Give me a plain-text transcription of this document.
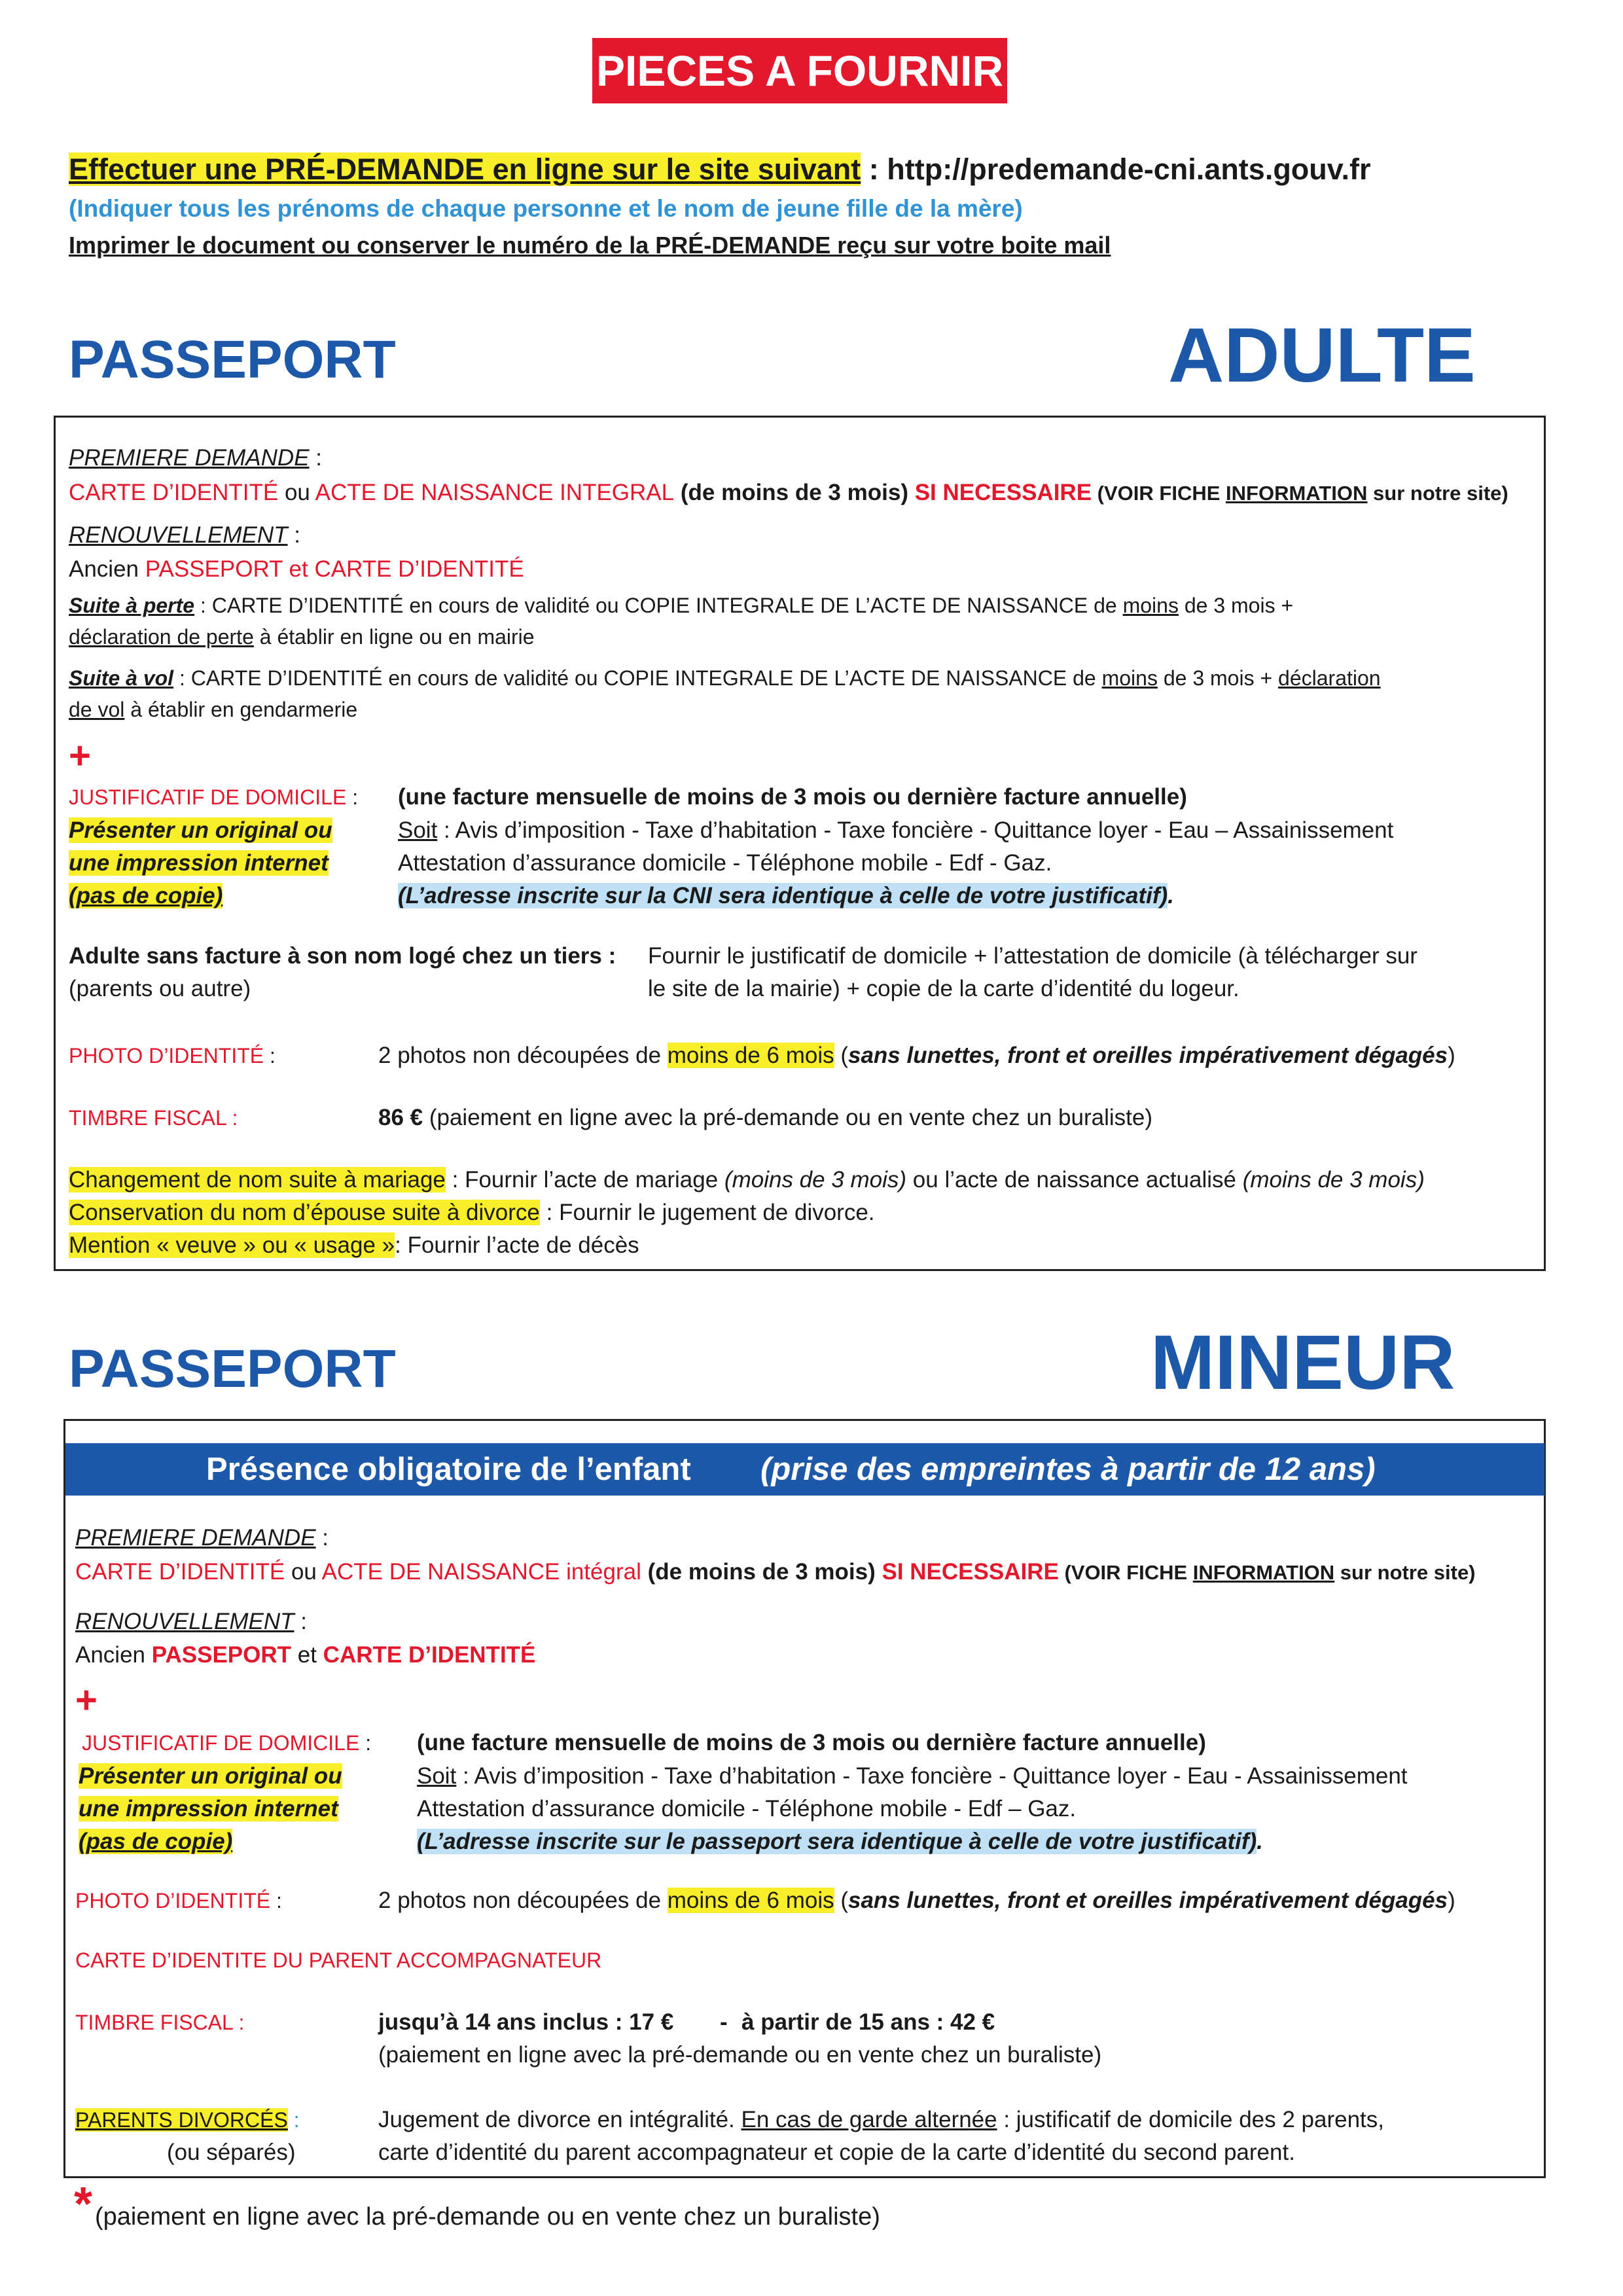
PIECES A FOURNIR
Effectuer une PRÉ-DEMANDE en ligne sur le site suivant : http://predemande-cni.ants.gouv.fr
(Indiquer tous les prénoms de chaque personne et le nom de jeune fille de la mère)
Imprimer le document ou conserver le numéro de la PRÉ-DEMANDE reçu sur votre boite mail
PASSEPORT	ADULTE
PREMIERE DEMANDE :
CARTE D’IDENTITÉ ou ACTE DE NAISSANCE INTEGRAL (de moins de 3 mois) SI NECESSAIRE (VOIR FICHE INFORMATION sur notre site)
RENOUVELLEMENT :
Ancien PASSEPORT et CARTE D’IDENTITÉ
Suite à perte : CARTE D’IDENTITÉ en cours de validité ou COPIE INTEGRALE DE L’ACTE DE NAISSANCE de moins de 3 mois +
déclaration de perte à établir en ligne ou en mairie
Suite à vol : CARTE D’IDENTITÉ en cours de validité ou COPIE INTEGRALE DE L’ACTE DE NAISSANCE de moins de 3 mois + déclaration
de vol à établir en gendarmerie
+
JUSTIFICATIF DE DOMICILE : (une facture mensuelle de moins de 3 mois ou dernière facture annuelle)
Présenter un original ou
une impression internet
(pas de copie)
Soit : Avis d’imposition - Taxe d’habitation - Taxe foncière - Quittance loyer - Eau – Assainissement
Attestation d’assurance domicile - Téléphone mobile - Edf - Gaz.
(L’adresse inscrite sur la CNI sera identique à celle de votre justificatif).
Adulte sans facture à son nom logé chez un tiers :
(parents ou autre)
Fournir le justificatif de domicile + l’attestation de domicile (à télécharger sur
le site de la mairie) + copie de la carte d’identité du logeur.
PHOTO D’IDENTITÉ :	2 photos non découpées de moins de 6 mois (sans lunettes, front et oreilles impérativement dégagés)
TIMBRE FISCAL :	86 € (paiement en ligne avec la pré-demande ou en vente chez un buraliste)
Changement de nom suite à mariage : Fournir l’acte de mariage (moins de 3 mois) ou l’acte de naissance actualisé (moins de 3 mois)
Conservation du nom d’épouse suite à divorce : Fournir le jugement de divorce.
Mention « veuve » ou « usage »: Fournir l’acte de décès
PASSEPORT	MINEUR
Présence obligatoire de l’enfant (prise des empreintes à partir de 12 ans)
PREMIERE DEMANDE :
CARTE D’IDENTITÉ ou ACTE DE NAISSANCE intégral (de moins de 3 mois) SI NECESSAIRE (VOIR FICHE INFORMATION sur notre site)
RENOUVELLEMENT :
Ancien PASSEPORT et CARTE D’IDENTITÉ
+
JUSTIFICATIF DE DOMICILE : (une facture mensuelle de moins de 3 mois ou dernière facture annuelle)
Présenter un original ou
une impression internet
(pas de copie)
Soit : Avis d’imposition - Taxe d’habitation - Taxe foncière - Quittance loyer - Eau - Assainissement
Attestation d’assurance domicile - Téléphone mobile - Edf – Gaz.
(L’adresse inscrite sur le passeport sera identique à celle de votre justificatif).
PHOTO D’IDENTITÉ :	2 photos non découpées de moins de 6 mois (sans lunettes, front et oreilles impérativement dégagés)
CARTE D’IDENTITE DU PARENT ACCOMPAGNATEUR
TIMBRE FISCAL :	jusqu’à 14 ans inclus : 17 € - à partir de 15 ans : 42 €
(paiement en ligne avec la pré-demande ou en vente chez un buraliste)
PARENTS DIVORCÉS :
(ou séparés)
Jugement de divorce en intégralité. En cas de garde alternée : justificatif de domicile des 2 parents,
carte d’identité du parent accompagnateur et copie de la carte d’identité du second parent.
* (paiement en ligne avec la pré-demande ou en vente chez un buraliste)
